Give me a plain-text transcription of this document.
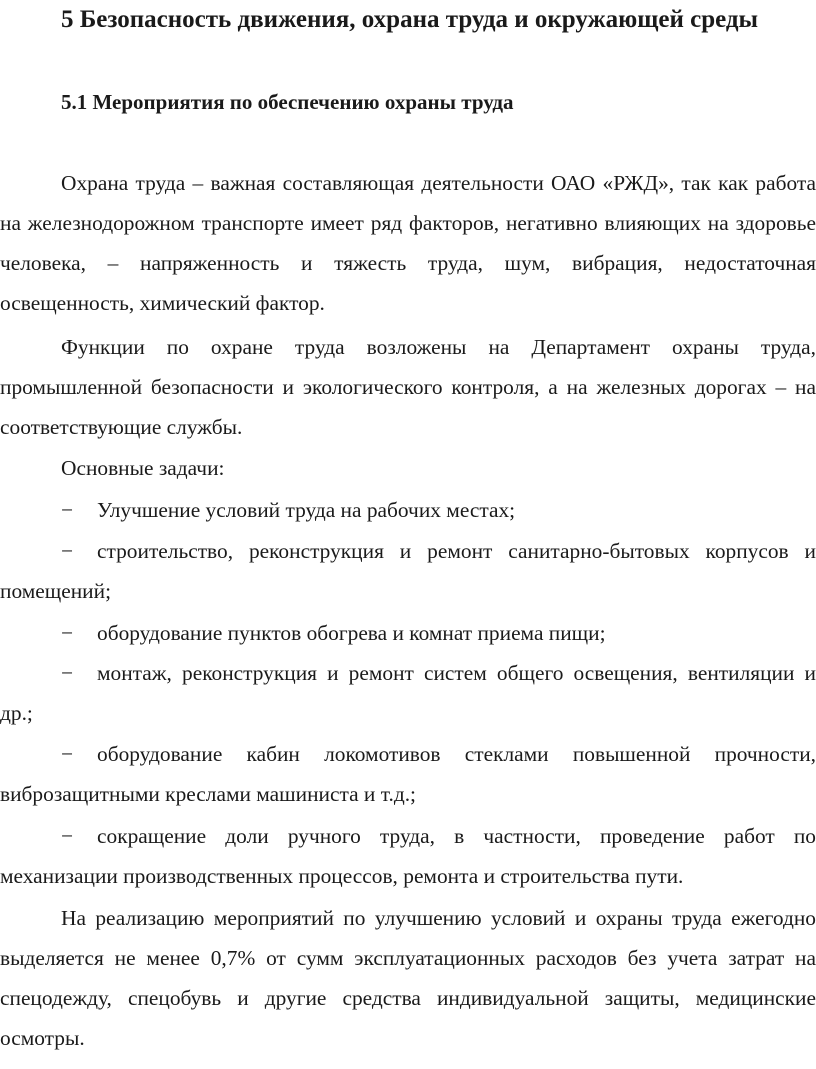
5 Безопасность движения, охрана труда и окружающей среды
5.1 Мероприятия по обеспечению охраны труда

Охрана труда – важная составляющая деятельности ОАО «РЖД», так как работа на железнодорожном транспорте имеет ряд факторов, негативно влияющих на здоровье человека, – напряженность и тяжесть труда, шум, вибрация, недостаточная освещенность, химический фактор.

Функции по охране труда возложены на Департамент охраны труда, промышленной безопасности и экологического контроля, а на железных дорогах – на соответствующие службы.

Основные задачи:

− Улучшение условий труда на рабочих местах;

− строительство, реконструкция и ремонт санитарно-бытовых корпусов и помещений;

− оборудование пунктов обогрева и комнат приема пищи;

− монтаж, реконструкция и ремонт систем общего освещения, вентиляции и др.;

− оборудование кабин локомотивов стеклами повышенной прочности, виброзащитными креслами машиниста и т.д.;

− сокращение доли ручного труда, в частности, проведение работ по механизации производственных процессов, ремонта и строительства пути.

На реализацию мероприятий по улучшению условий и охраны труда ежегодно выделяется не менее 0,7% от сумм эксплуатационных расходов без учета затрат на спецодежду, спецобувь и другие средства индивидуальной защиты, медицинские осмотры.
